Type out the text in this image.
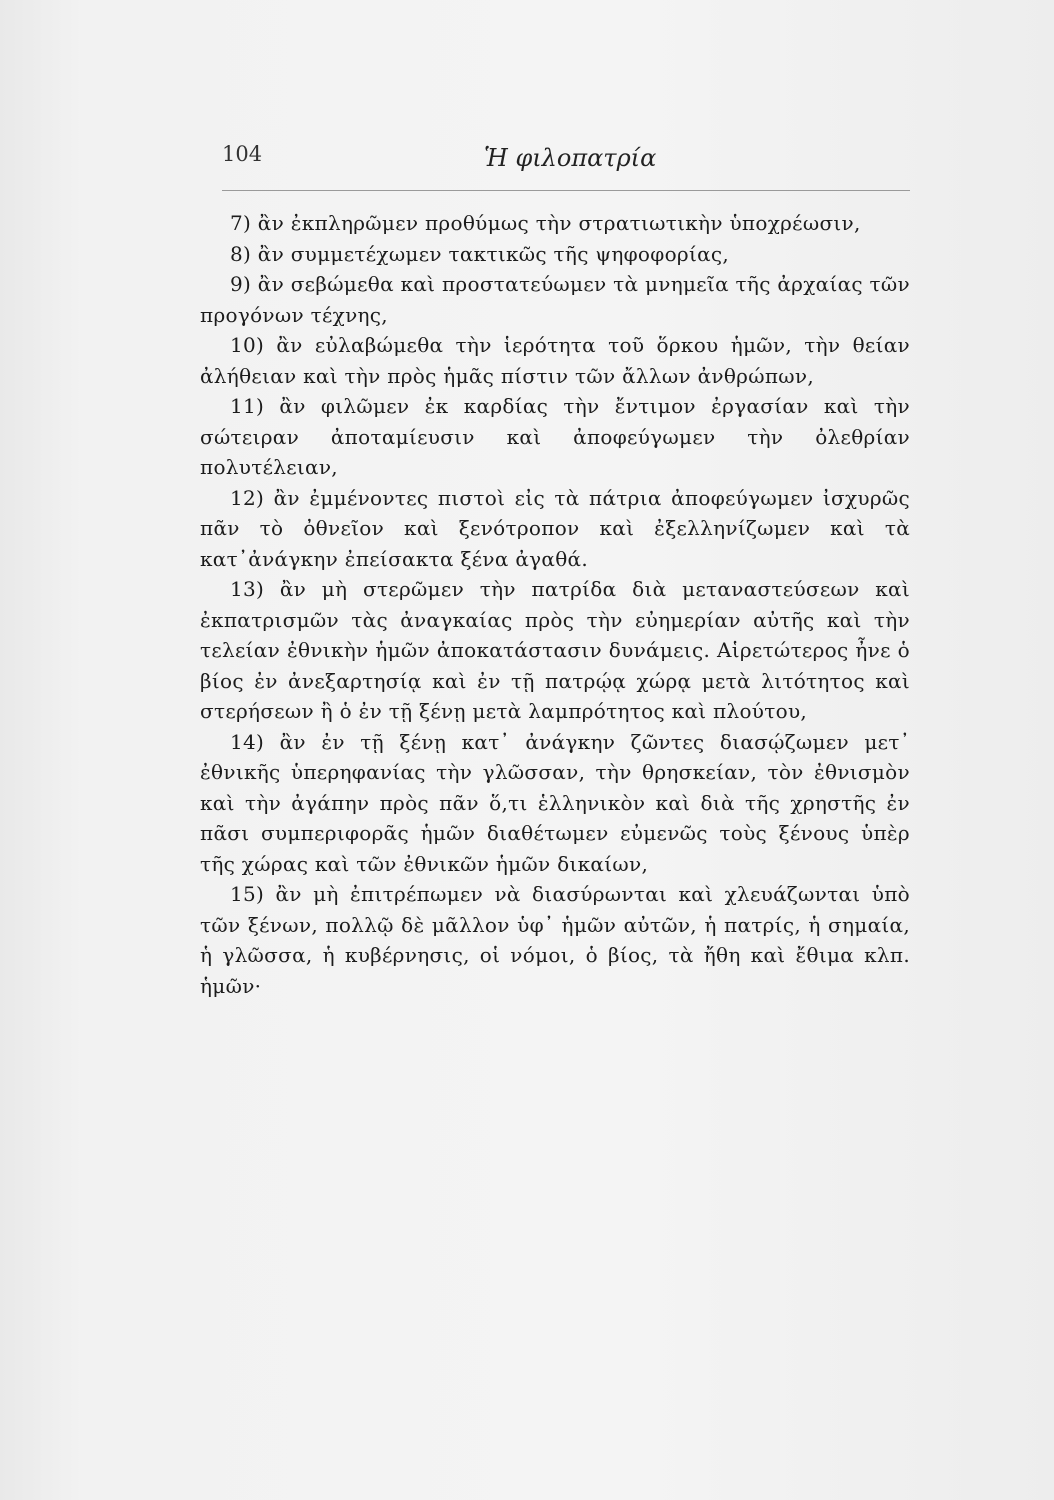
104	Ἡ φιλοπατρία

7) ἂν ἐκπληρῶμεν προθύμως τὴν στρατιωτικὴν ὑποχρέωσιν,

8) ἂν συμμετέχωμεν τακτικῶς τῆς ψηφοφορίας,

9) ἂν σεβώμεθα καὶ προστατεύωμεν τὰ μνημεῖα τῆς ἀρχαίας τῶν προγόνων τέχνης,

10) ἂν εὐλαβώμεθα τὴν ἱερότητα τοῦ ὅρκου ἡμῶν, τὴν θείαν ἀλήθειαν καὶ τὴν πρὸς ἡμᾶς πίστιν τῶν ἄλλων ἀνθρώπων,

11) ἂν φιλῶμεν ἐκ καρδίας τὴν ἔντιμον ἐργασίαν καὶ τὴν σώτειραν ἀποταμίευσιν καὶ ἀποφεύγωμεν τὴν ὀλεθρίαν πολυτέλειαν,

12) ἂν ἐμμένοντες πιστοὶ εἰς τὰ πάτρια ἀποφεύγωμεν ἰσχυρῶς πᾶν τὸ ὀθνεῖον καὶ ξενότροπον καὶ ἐξελληνίζωμεν καὶ τὰ κατ᾽ἀνάγκην ἐπείσακτα ξένα ἀγαθά.

13) ἂν μὴ στερῶμεν τὴν πατρίδα διὰ μεταναστεύσεων καὶ ἐκπατρισμῶν τὰς ἀναγκαίας πρὸς τὴν εὐημερίαν αὐτῆς καὶ τὴν τελείαν ἐθνικὴν ἡμῶν ἀποκατάστασιν δυνάμεις. Αἱρετώτερος ἦνε ὁ βίος ἐν ἀνεξαρτησίᾳ καὶ ἐν τῇ πατρῴᾳ χώρᾳ μετὰ λιτότητος καὶ στερήσεων ἢ ὁ ἐν τῇ ξένῃ μετὰ λαμπρότητος καὶ πλούτου,

14) ἂν ἐν τῇ ξένῃ κατ᾽ ἀνάγκην ζῶντες διασῴζωμεν μετ᾽ ἐθνικῆς ὑπερηφανίας τὴν γλῶσσαν, τὴν θρησκείαν, τὸν ἐθνισμὸν καὶ τὴν ἀγάπην πρὸς πᾶν ὅ,τι ἑλληνικὸν καὶ διὰ τῆς χρηστῆς ἐν πᾶσι συμπεριφορᾶς ἡμῶν διαθέτωμεν εὐμενῶς τοὺς ξένους ὑπὲρ τῆς χώρας καὶ τῶν ἐθνικῶν ἡμῶν δικαίων,

15) ἂν μὴ ἐπιτρέπωμεν νὰ διασύρωνται καὶ χλευάζωνται ὑπὸ τῶν ξένων, πολλῷ δὲ μᾶλλον ὑφ᾽ ἡμῶν αὐτῶν, ἡ πατρίς, ἡ σημαία, ἡ γλῶσσα, ἡ κυβέρνησις, οἱ νόμοι, ὁ βίος, τὰ ἤθη καὶ ἔθιμα κλπ. ἡμῶν·
